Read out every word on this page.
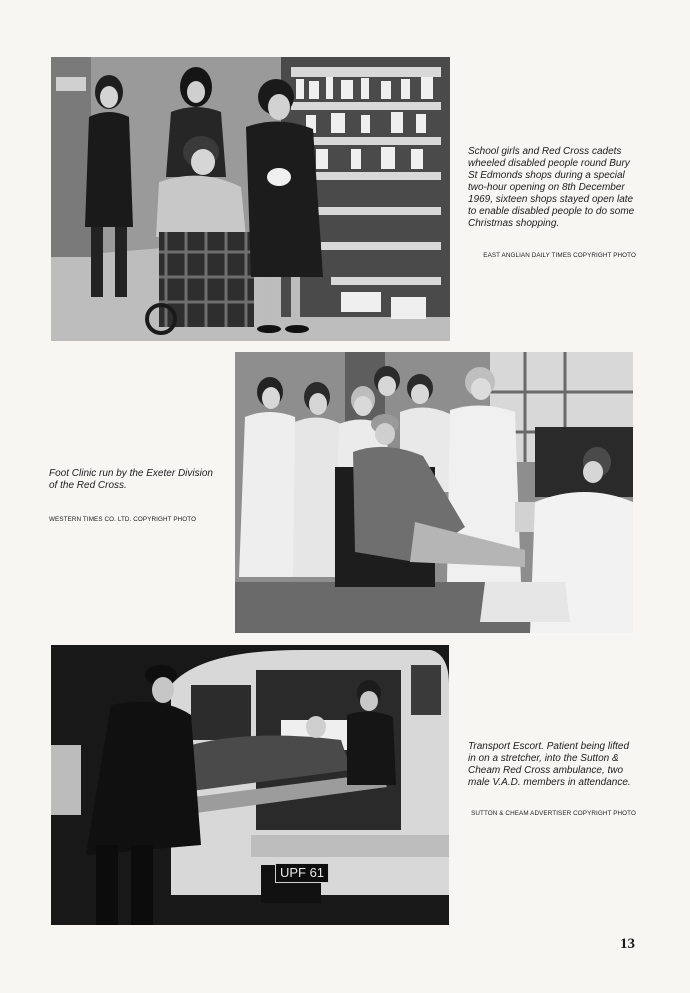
School girls and Red Cross cadets wheeled disabled people round Bury St Edmonds shops during a special two-hour opening on 8th December 1969, sixteen shops stayed open late to enable disabled people to do some Christmas shopping.

EAST ANGLIAN DAILY TIMES COPYRIGHT PHOTO

Foot Clinic run by the Exeter Division of the Red Cross.

WESTERN TIMES CO. LTD. COPYRIGHT PHOTO

UPF 61

Transport Escort. Patient being lifted in on a stretcher, into the Sutton & Cheam Red Cross ambulance, two male V.A.D. members in attendance.

SUTTON & CHEAM ADVERTISER COPYRIGHT PHOTO

13
